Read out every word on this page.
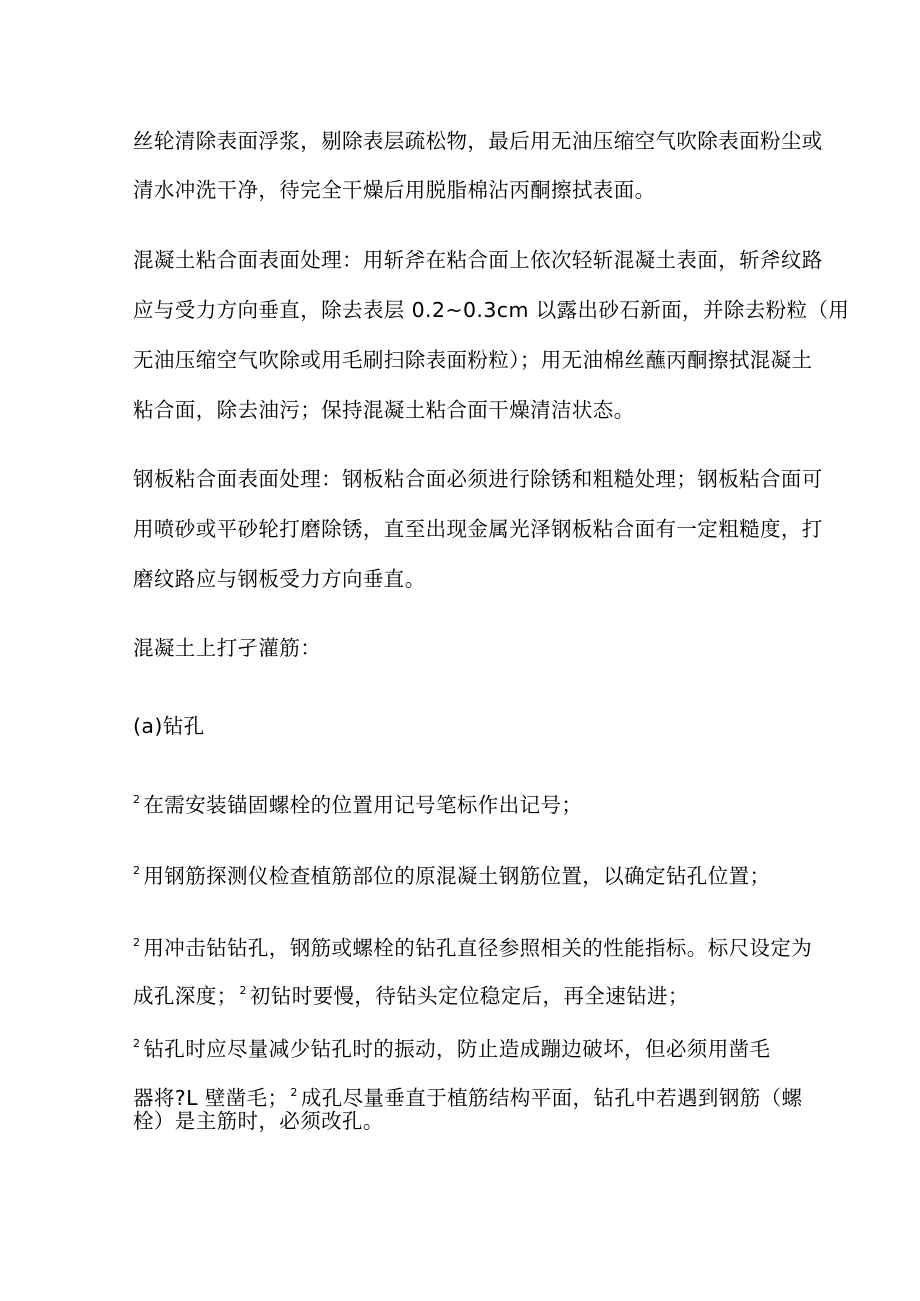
丝轮清除表面浮浆，剔除表层疏松物，最后用无油压缩空气吹除表面粉尘或
清水冲洗干净，待完全干燥后用脱脂棉沾丙酮擦拭表面。
混凝土粘合面表面处理：用斩斧在粘合面上依次轻斩混凝土表面，斩斧纹路
应与受力方向垂直，除去表层 0.2~0.3cm 以露出砂石新面，并除去粉粒（用
无油压缩空气吹除或用毛刷扫除表面粉粒）；用无油棉丝蘸丙酮擦拭混凝土
粘合面，除去油污；保持混凝土粘合面干燥清洁状态。
钢板粘合面表面处理：钢板粘合面必须进行除锈和粗糙处理；钢板粘合面可
用喷砂或平砂轮打磨除锈，直至出现金属光泽钢板粘合面有一定粗糙度，打
磨纹路应与钢板受力方向垂直。
混凝土上打孑灌筋：
(a)钻孔
$^2$ 在需安装锚固螺栓的位置用记号笔标作出记号；
$^2$ 用钢筋探测仪检查植筋部位的原混凝土钢筋位置，以确定钻孔位置；
$^2$ 用冲击钻钻孔，钢筋或螺栓的钻孔直径参照相关的性能指标。标尺设定为
成孔深度； $^2$ 初钻时要慢，待钻头定位稳定后，再全速钻进；
$^2$ 钻孔时应尽量减少钻孔时的振动，防止造成蹦边破坏，但必须用凿毛
器将?L 壁凿毛； $^2$ 成孔尽量垂直于植筋结构平面，钻孔中若遇到钢筋（螺
栓）是主筋时，必须改孔。
